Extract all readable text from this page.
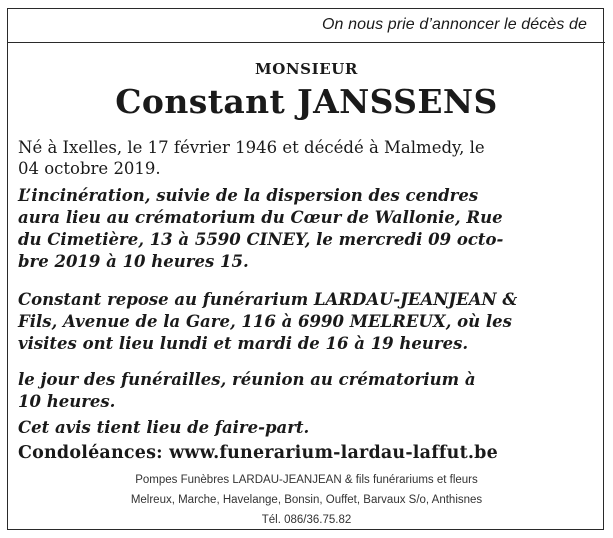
On nous prie d’annoncer le décès de
MONSIEUR
Constant JANSSENS

Né à Ixelles, le 17 février 1946 et décédé à Malmedy, le
04 octobre 2019.

L’incinération, suivie de la dispersion des cendres
aura lieu au crématorium du Cœur de Wallonie, Rue
du Cimetière, 13 à 5590 CINEY, le mercredi 09 octo-
bre 2019 à 10 heures 15.

Constant repose au funérarium LARDAU-JEANJEAN &
Fils, Avenue de la Gare, 116 à 6990 MELREUX, où les
visites ont lieu lundi et mardi de 16 à 19 heures.

le jour des funérailles, réunion au crématorium à
10 heures.

Cet avis tient lieu de faire-part.

Condoléances: www.funerarium-lardau-laffut.be
Pompes Funèbres LARDAU-JEANJEAN & fils funérariums et fleurs
Melreux, Marche, Havelange, Bonsin, Ouffet, Barvaux S/o, Anthisnes
Tél. 086/36.75.82
